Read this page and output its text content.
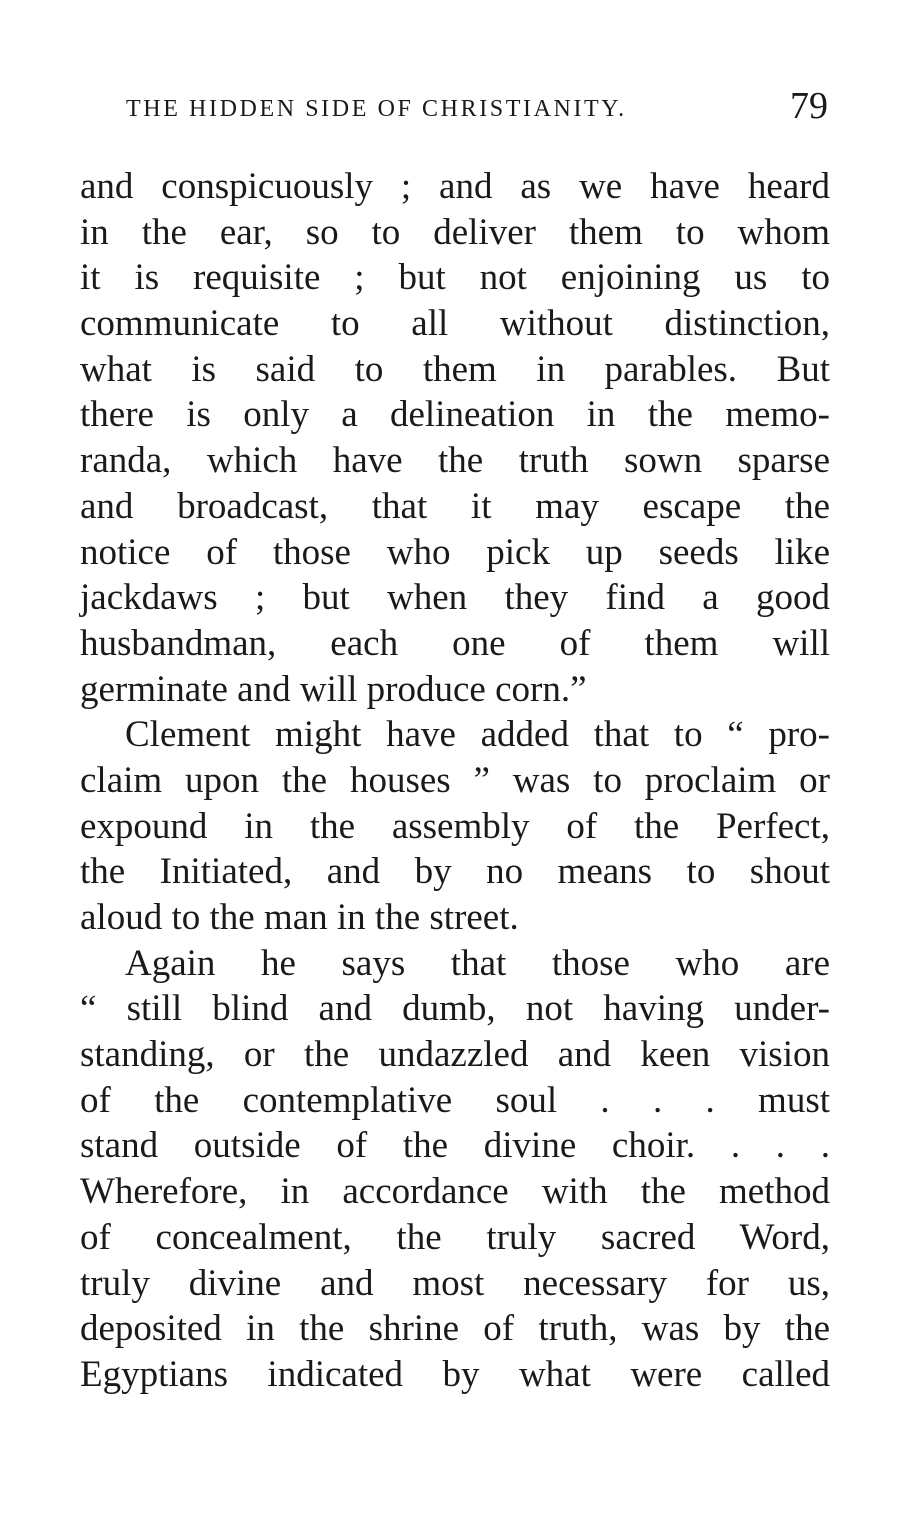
THE HIDDEN SIDE OF CHRISTIANITY.	79
and conspicuously ; and as we have heard
in the ear, so to deliver them to whom
it is requisite ; but not enjoining us to
communicate to all without distinction,
what is said to them in parables. But
there is only a delineation in the memo-
randa, which have the truth sown sparse
and broadcast, that it may escape the
notice of those who pick up seeds like
jackdaws ; but when they find a good
husbandman, each one of them will
germinate and will produce corn.”
Clement might have added that to “ pro-
claim upon the houses ” was to proclaim or
expound in the assembly of the Perfect,
the Initiated, and by no means to shout
aloud to the man in the street.
Again he says that those who are
“ still blind and dumb, not having under-
standing, or the undazzled and keen vision
of the contemplative soul . . . must
stand outside of the divine choir. . . .
Wherefore, in accordance with the method
of concealment, the truly sacred Word,
truly divine and most necessary for us,
deposited in the shrine of truth, was by the
Egyptians indicated by what were called
